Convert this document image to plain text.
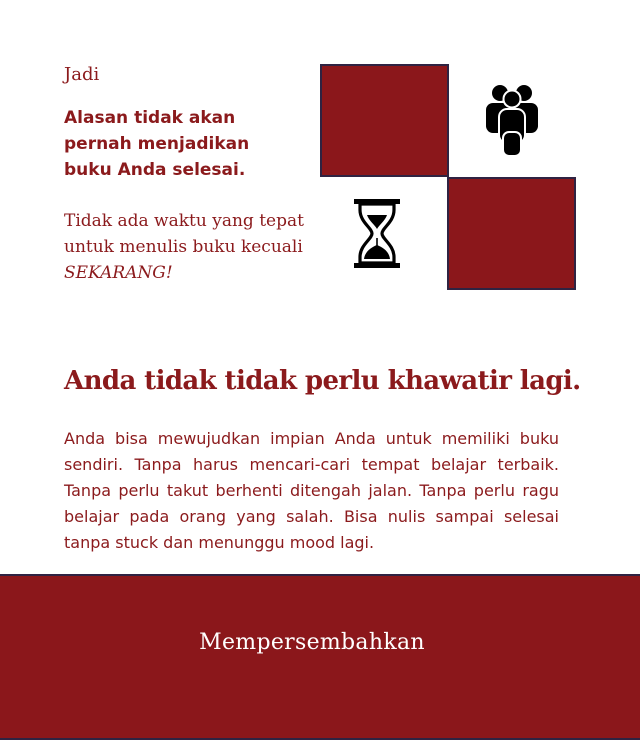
Jadi
Alasan tidak akan pernah menjadikan buku Anda selesai.
Tidak ada waktu yang tepat untuk menulis buku kecuali SEKARANG!
Anda tidak tidak perlu khawatir lagi.
Anda bisa mewujudkan impian Anda untuk memiliki buku sendiri. Tanpa harus mencari-cari tempat belajar terbaik. Tanpa perlu takut berhenti ditengah jalan. Tanpa perlu ragu belajar pada orang yang salah. Bisa nulis sampai selesai tanpa stuck dan menunggu mood lagi.
Mempersembahkan
